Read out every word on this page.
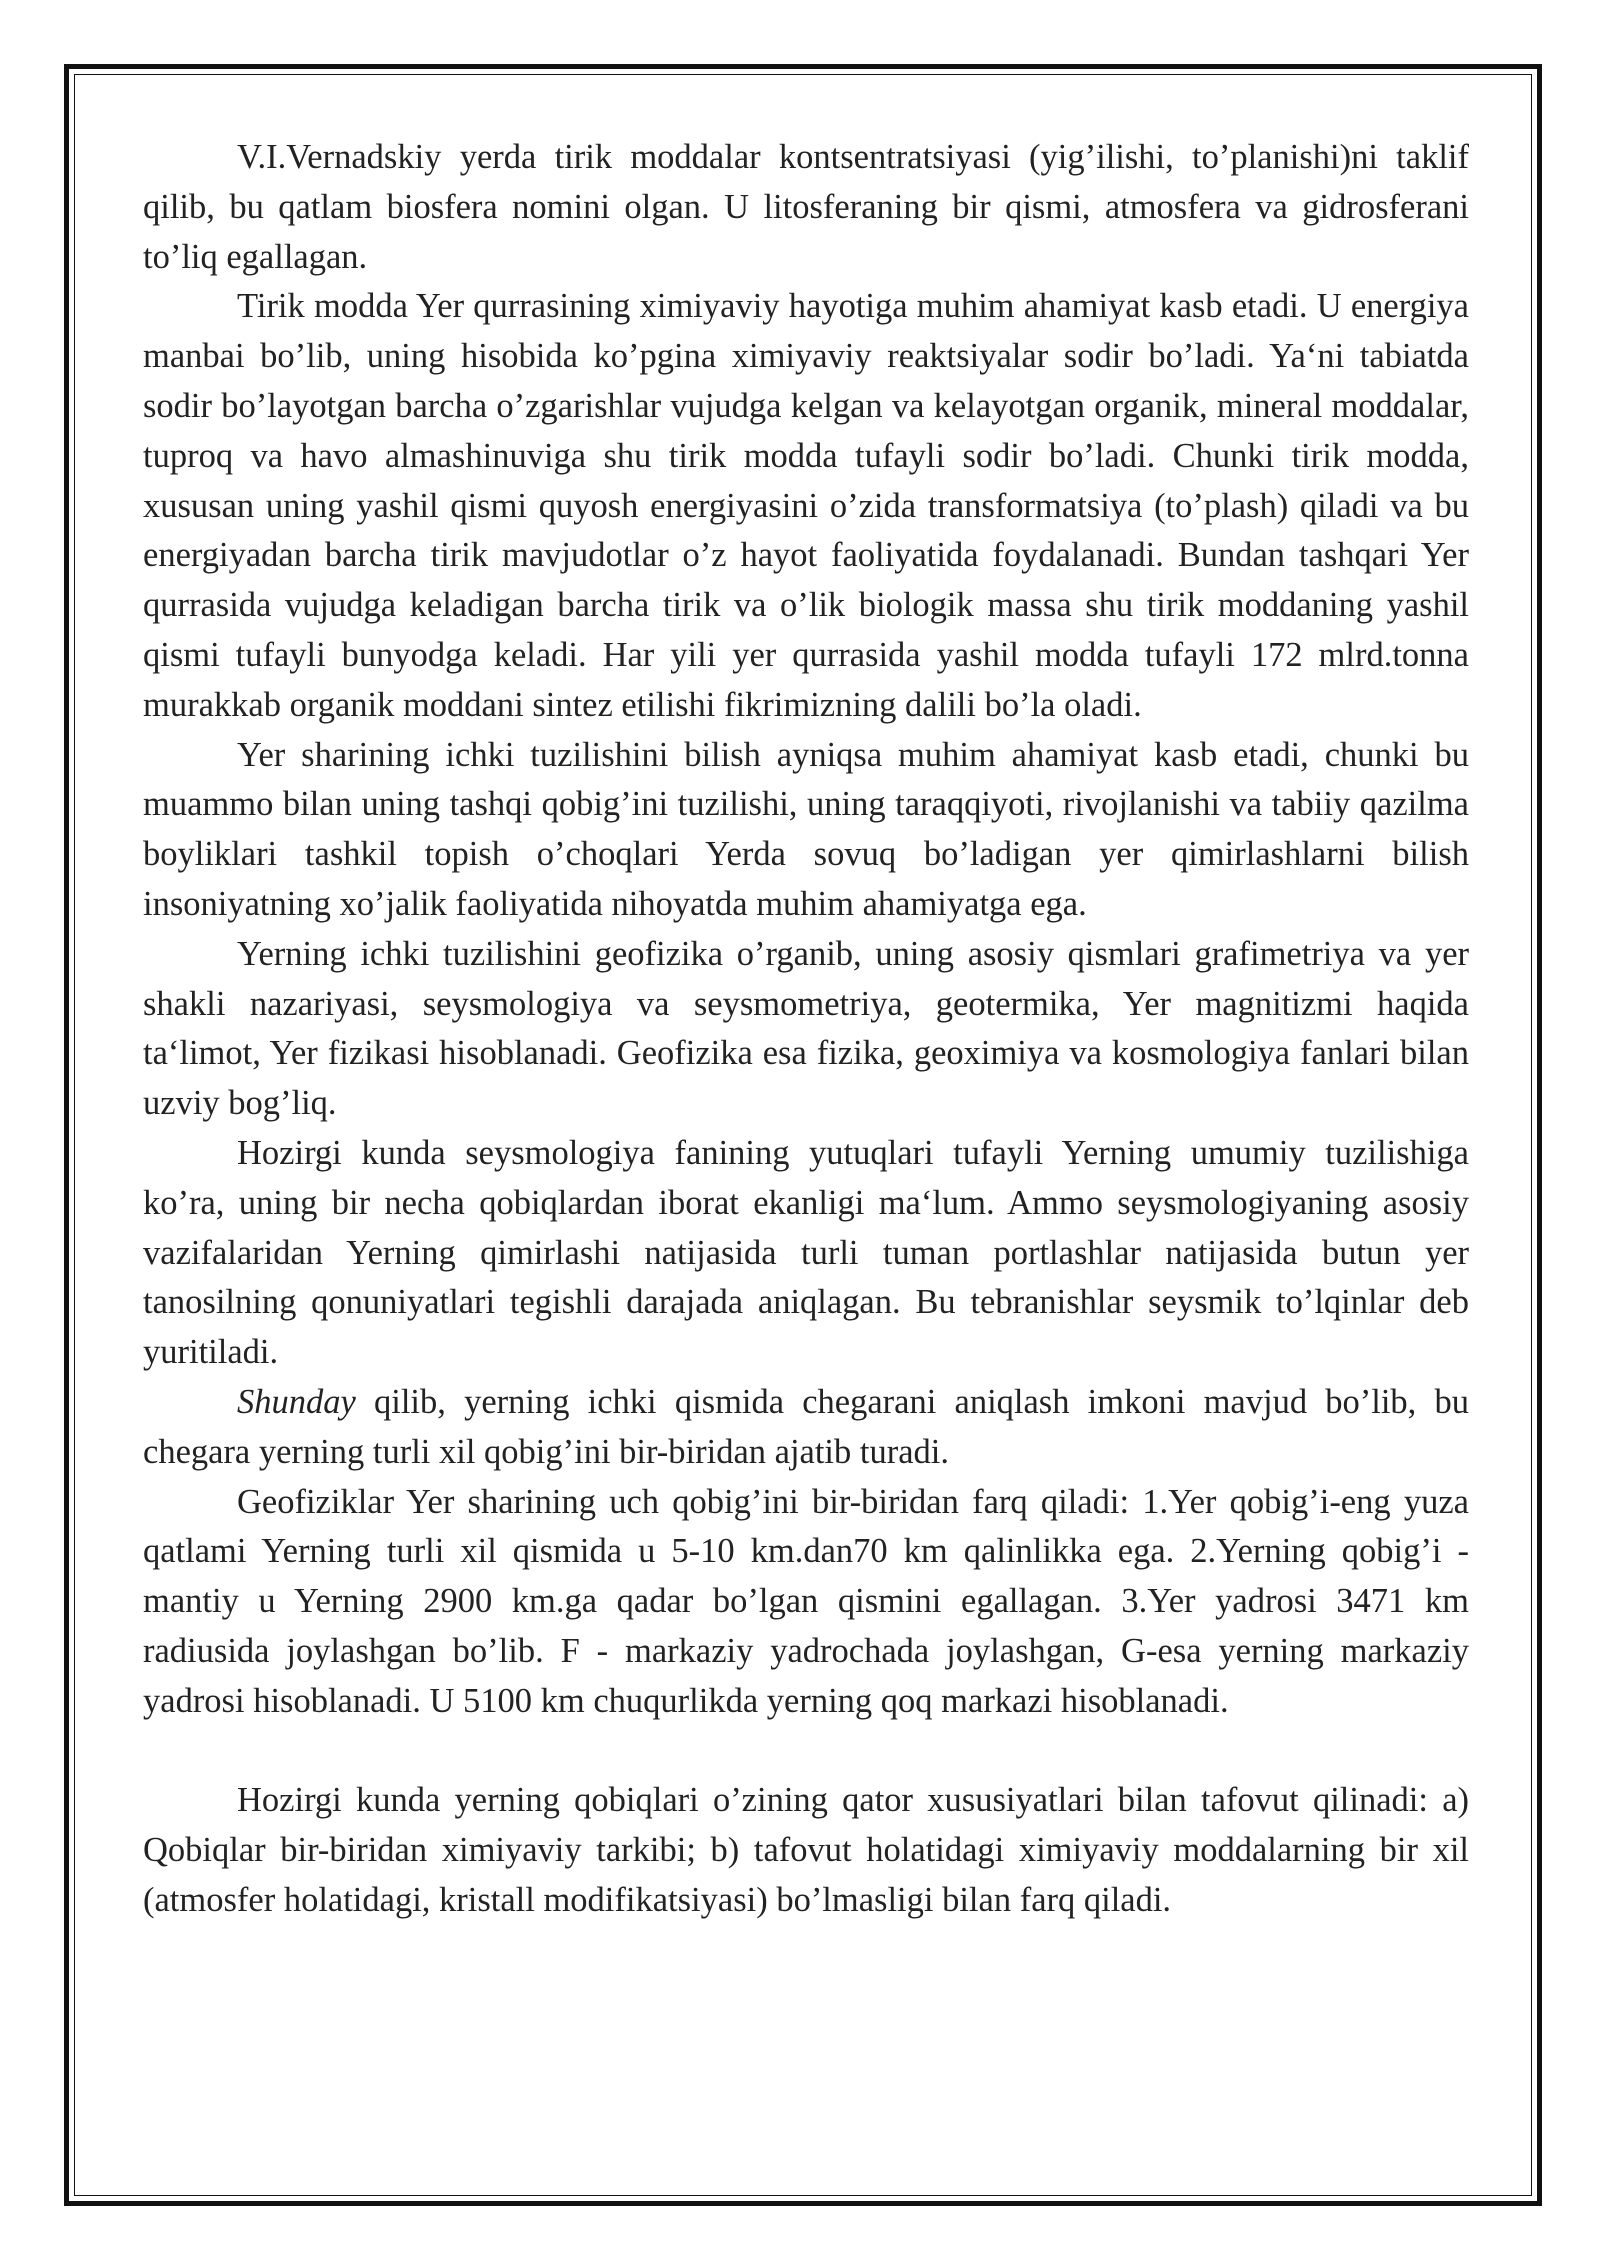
V.I.Vernadskiy yerda tirik moddalar kontsentratsiyasi (yig’ilishi, to’planishi)ni taklif qilib, bu qatlam biosfera nomini olgan. U litosferaning bir qismi, atmosfera va gidrosferani to’liq egallagan.

Tirik modda Yer qurrasining ximiyaviy hayotiga muhim ahamiyat kasb etadi. U energiya manbai bo’lib, uning hisobida ko’pgina ximiyaviy reaktsiyalar sodir bo’ladi. Ya‘ni tabiatda sodir bo’layotgan barcha o’zgarishlar vujudga kelgan va kelayotgan organik, mineral moddalar, tuproq va havo almashinuviga shu tirik modda tufayli sodir bo’ladi. Chunki tirik modda, xususan uning yashil qismi quyosh energiyasini o’zida transformatsiya (to’plash) qiladi va bu energiyadan barcha tirik mavjudotlar o’z hayot faoliyatida foydalanadi. Bundan tashqari Yer qurrasida vujudga keladigan barcha tirik va o’lik biologik massa shu tirik moddaning yashil qismi tufayli bunyodga keladi. Har yili yer qurrasida yashil modda tufayli 172 mlrd.tonna murakkab organik moddani sintez etilishi fikrimizning dalili bo’la oladi.

Yer sharining ichki tuzilishini bilish ayniqsa muhim ahamiyat kasb etadi, chunki bu muammo bilan uning tashqi qobig’ini tuzilishi, uning taraqqiyoti, rivojlanishi va tabiiy qazilma boyliklari tashkil topish o’choqlari Yerda sovuq bo’ladigan yer qimirlashlarni bilish insoniyatning xo’jalik faoliyatida nihoyatda muhim ahamiyatga ega.

Yerning ichki tuzilishini geofizika o’rganib, uning asosiy qismlari grafimetriya va yer shakli nazariyasi, seysmologiya va seysmometriya, geotermika, Yer magnitizmi haqida ta‘limot, Yer fizikasi hisoblanadi. Geofizika esa fizika, geoximiya va kosmologiya fanlari bilan uzviy bog’liq.

Hozirgi kunda seysmologiya fanining yutuqlari tufayli Yerning umumiy tuzilishiga ko’ra, uning bir necha qobiqlardan iborat ekanligi ma‘lum. Ammo seysmologiyaning asosiy vazifalaridan Yerning qimirlashi natijasida turli tuman portlashlar natijasida butun yer tanosilning qonuniyatlari tegishli darajada aniqlagan. Bu tebranishlar seysmik to’lqinlar deb yuritiladi.

Shunday qilib, yerning ichki qismida chegarani aniqlash imkoni mavjud bo’lib, bu chegara yerning turli xil qobig’ini bir-biridan ajatib turadi.

Geofiziklar Yer sharining uch qobig’ini bir-biridan farq qiladi: 1.Yer qobig’i-eng yuza qatlami Yerning turli xil qismida u 5-10 km.dan70 km qalinlikka ega. 2.Yerning qobig’i - mantiy u Yerning 2900 km.ga qadar bo’lgan qismini egallagan. 3.Yer yadrosi 3471 km radiusida joylashgan bo’lib. F - markaziy yadrochada joylashgan, G-esa yerning markaziy yadrosi hisoblanadi. U 5100 km chuqurlikda yerning qoq markazi hisoblanadi.

Hozirgi kunda yerning qobiqlari o’zining qator xususiyatlari bilan tafovut qilinadi: a) Qobiqlar bir-biridan ximiyaviy tarkibi; b) tafovut holatidagi ximiyaviy moddalarning bir xil (atmosfer holatidagi, kristall modifikatsiyasi) bo’lmasligi bilan farq qiladi.
